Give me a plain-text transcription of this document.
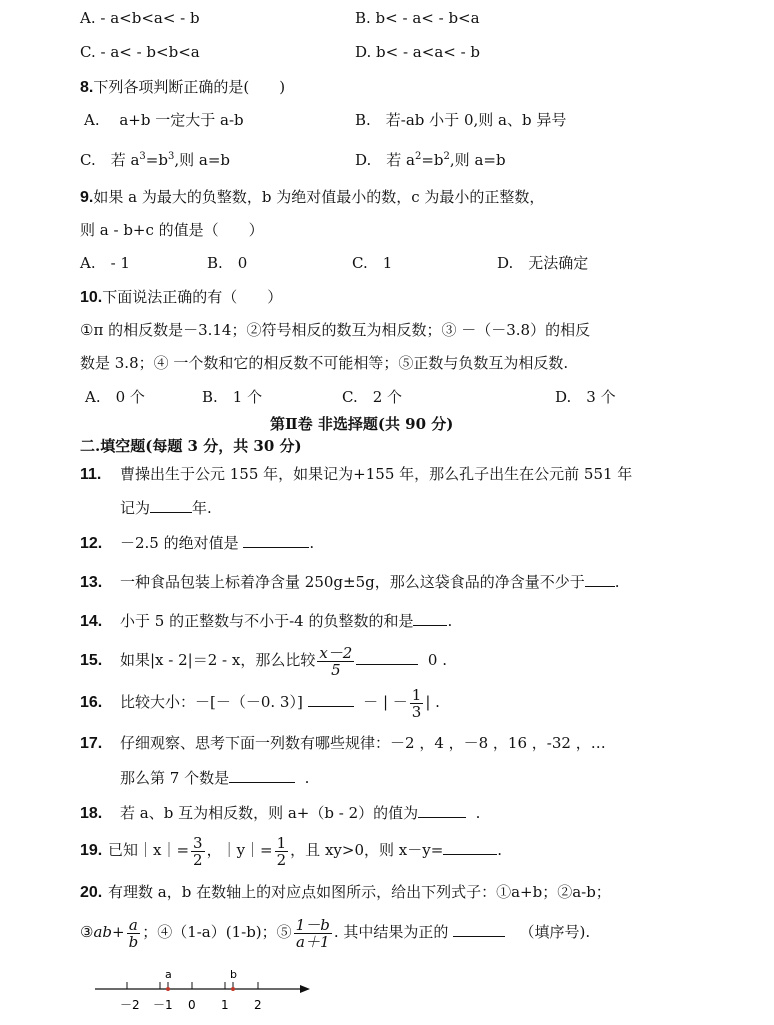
A. - a<b<a< - b	B. b< - a< - b<a
C. - a< - b<b<a	D. b< - a<a< - b
8.下列各项判断正确的是(　　)
A.　 a+b 一定大于 a-b	B.　若-ab 小于 0,则 a、b 异号
C.　若 $a^3=b^3$,则 a=b	D.　若 $a^2=b^2$,则 a=b
9.如果 a 为最大的负整数，b 为绝对值最小的数，c 为最小的正整数，
则 a - b+c 的值是（　　）
A.　- 1	B.　0	C.　1	D.　无法确定
10.下面说法正确的有（　　）
①π 的相反数是－3.14；②符号相反的数互为相反数；③ －（－3.8）的相反
数是 3.8；④ 一个数和它的相反数不可能相等；⑤正数与负数互为相反数.
A.　0 个	B.　1 个	C.　2 个	D.　3 个
第Ⅱ卷 非选择题(共 90 分)
二.填空题(每题 3 分，共 30 分)
11. 曹操出生于公元 155 年，如果记为+155 年，那么孔子出生在公元前 551 年
记为	年.
12. －2.5 的绝对值是	.
13. 一种食品包装上标着净含量 250g±5g，那么这袋食品的净含量不少于 .
14. 小于 5 的正整数与不小于-4 的负整数的和是 .
15. 如果|x - 2|＝2 - x，那么比较 $\frac{x-2}{5}$	0 .
16. 比较大小：－[－（－0. 3）]	－ | － $\frac{1}{3}$ | .
17. 仔细观察、思考下面一列数有哪些规律：－2 ，4 ，－8 ，16 ，-32 ，…
那么第 7 个数是	.
18. 若 a、b 互为相反数，则 a+（b - 2）的值为	.
19. 已知｜x｜= $\frac{3}{2}$ ，｜y｜= $\frac{1}{2}$ ，且 xy>0，则 x－y=	.
20. 有理数 a，b 在数轴上的对应点如图所示，给出下列式子：①a+b；②a-b；
③ab+ $\frac{a}{b}$ ；④（1-a）(1-b)；⑤ $\frac{1-b}{a+1}$ . 其中结果为正的	（填序号).
a	b
－2 －1 0 1 2
